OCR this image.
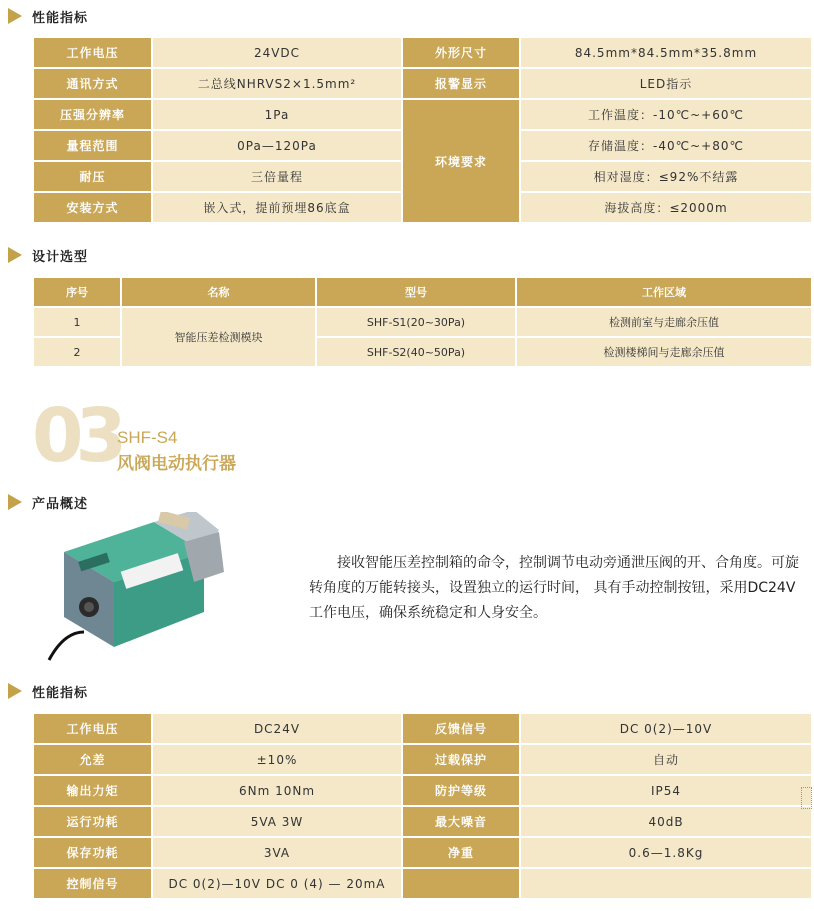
性能指标
工作电压	24VDC	外形尺寸	84.5mm*84.5mm*35.8mm
通讯方式	二总线NHRVS2×1.5mm²	报警显示	LED指示
压强分辨率	1Pa	环境要求	工作温度：-10℃~+60℃
量程范围	0Pa—120Pa		存储温度：-40℃~+80℃
耐压	三倍量程		相对湿度：≤92%不结露
安装方式	嵌入式，提前预埋86底盒		海拔高度：≤2000m
设计选型
序号	名称	型号	工作区域
1	智能压差检测模块	SHF-S1(20~30Pa)	检测前室与走廊余压值
2		SHF-S2(40~50Pa)	检测楼梯间与走廊余压值
03
SHF-S4
风阀电动执行器
产品概述
接收智能压差控制箱的命令，控制调节电动旁通泄压阀的开、合角度。可旋转角度的万能转接头，设置独立的运行时间， 具有手动控制按钮，采用DC24V工作电压，确保系统稳定和人身安全。
性能指标
工作电压	DC24V	反馈信号	DC 0(2)—10V
允差	±10%	过载保护	自动
输出力矩	6Nm 10Nm	防护等级	IP54
运行功耗	5VA 3W	最大噪音	40dB
保存功耗	3VA	净重	0.6—1.8Kg
控制信号	DC 0(2)—10V DC 0 (4) — 20mA		
